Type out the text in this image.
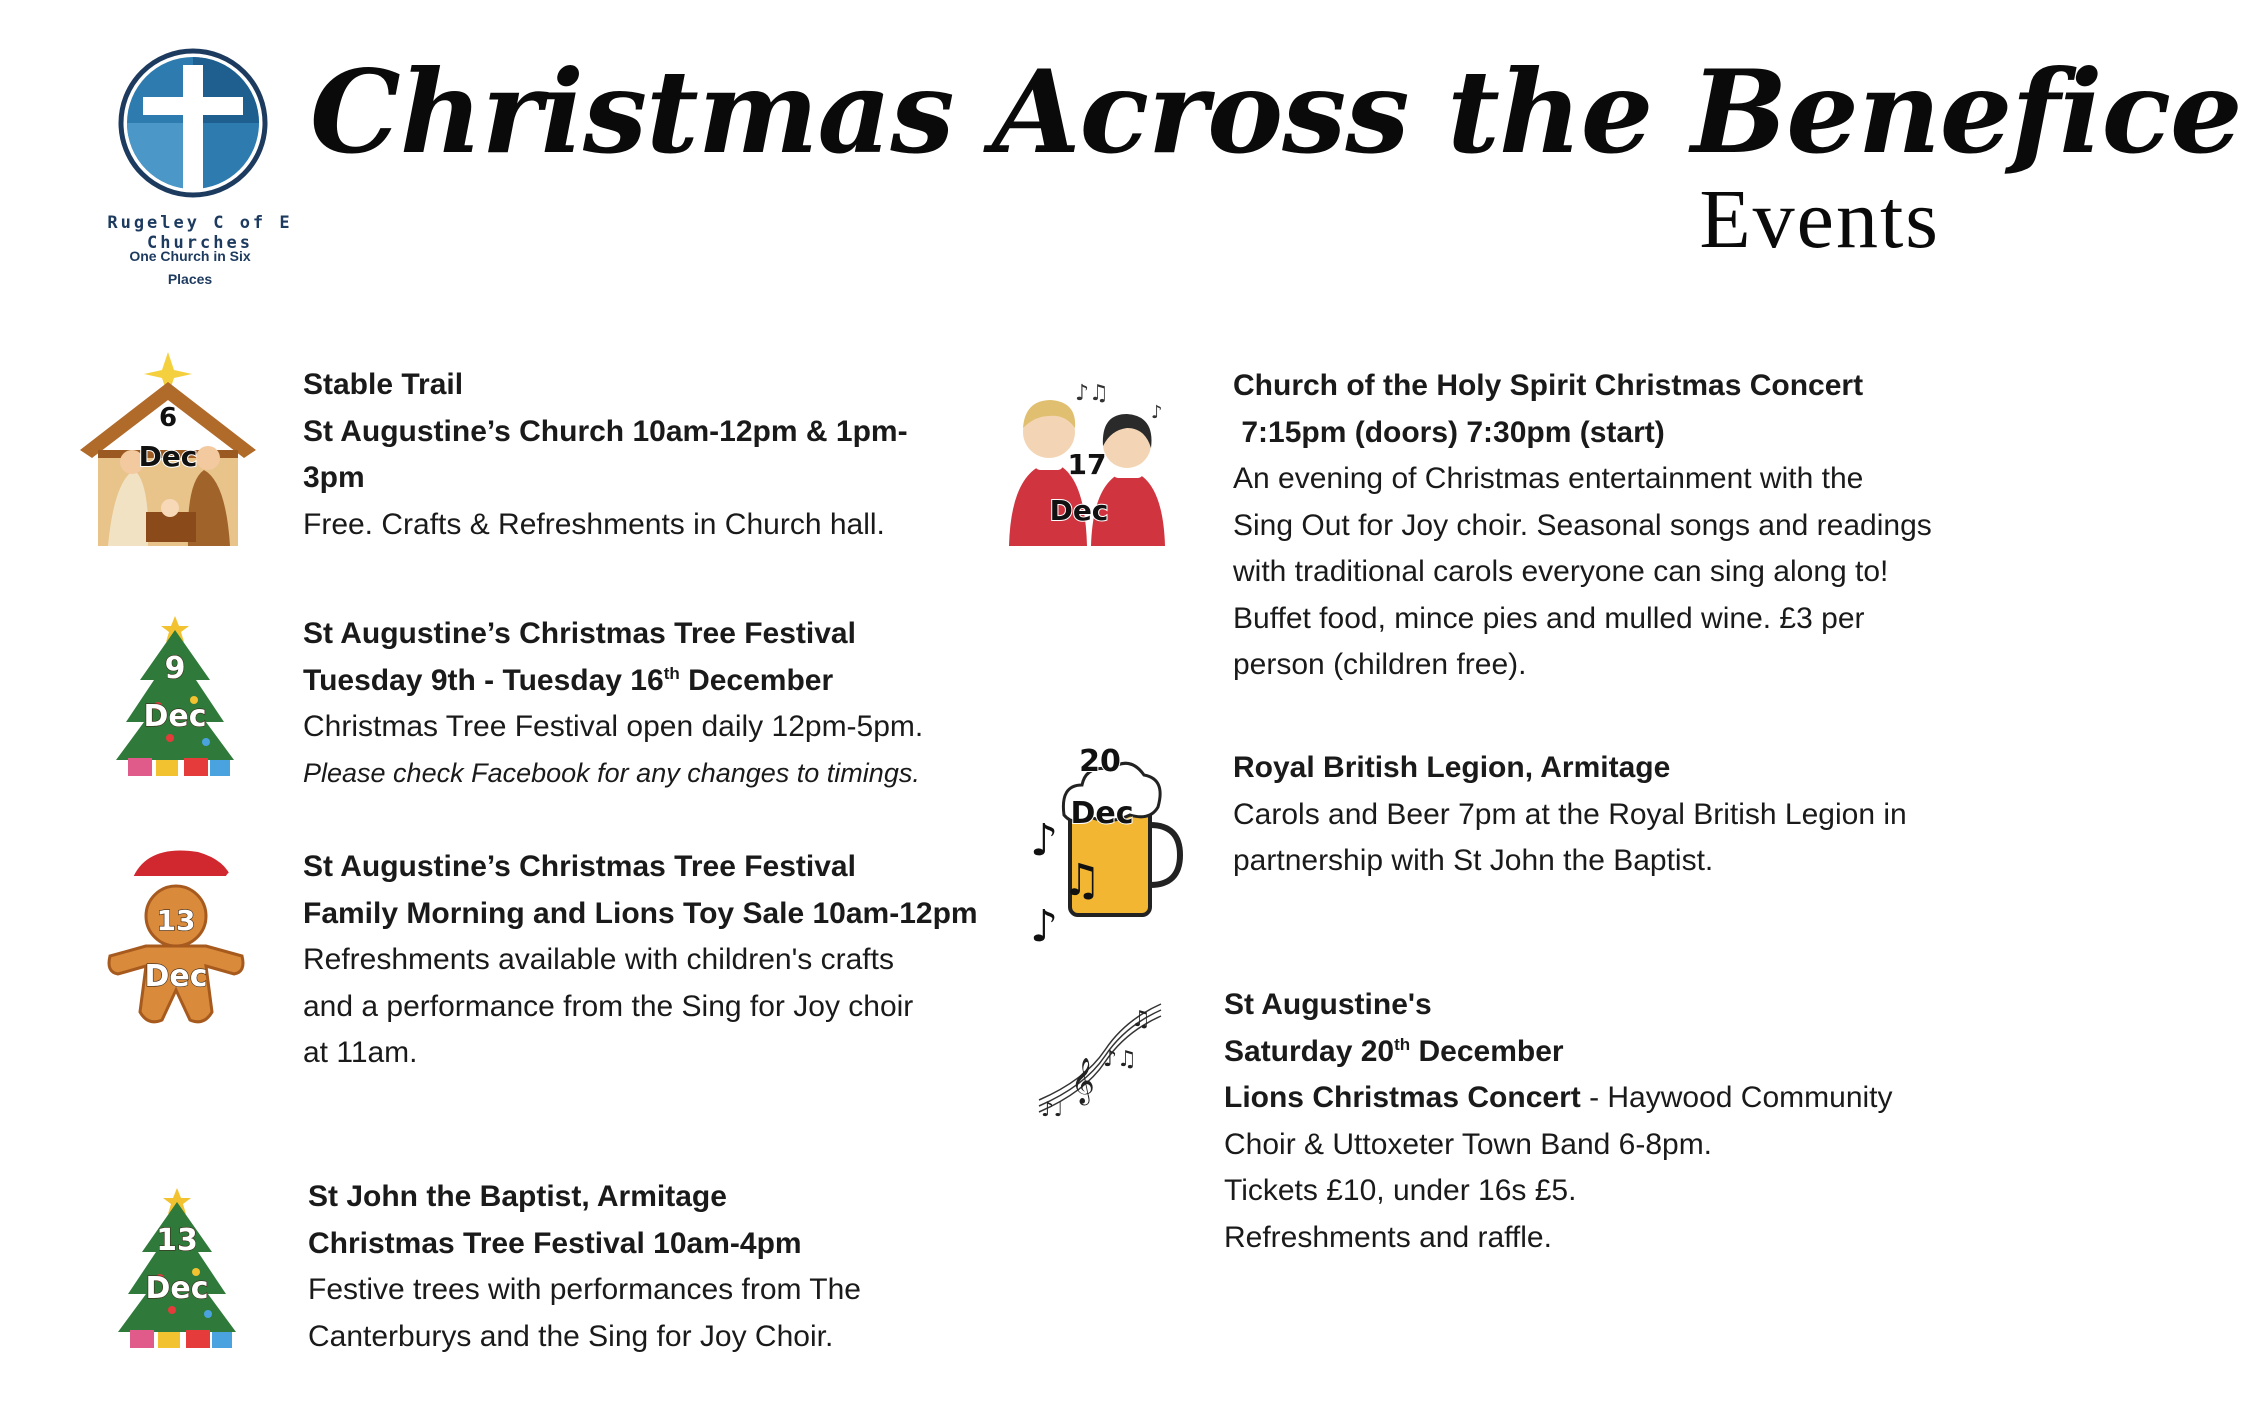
Rugeley C of E Churches
One Church in Six
Places
Christmas Across the Benefice
Events
6
Dec
9
Dec
13
Dec
13
Dec
♪♫
♪
17
Dec
♪
♫
♪
20
Dec
𝄞 ♪♫
♫
♪♩
Stable Trail
St Augustine’s Church 10am-12pm & 1pm-
3pm
Free. Crafts & Refreshments in Church hall.
St Augustine’s Christmas Tree Festival
Tuesday 9th - Tuesday 16th December
Christmas Tree Festival open daily 12pm-5pm.
Please check Facebook for any changes to timings.
St Augustine’s Christmas Tree Festival
Family Morning and Lions Toy Sale 10am-12pm
Refreshments available with children's crafts
and a performance from the Sing for Joy choir
at 11am.
St John the Baptist, Armitage
Christmas Tree Festival 10am-4pm
Festive trees with performances from The
Canterburys and the Sing for Joy Choir.
Church of the Holy Spirit Christmas Concert
7:15pm (doors) 7:30pm (start)
An evening of Christmas entertainment with the
Sing Out for Joy choir. Seasonal songs and readings
with traditional carols everyone can sing along to!
Buffet food, mince pies and mulled wine. £3 per
person (children free).
Royal British Legion, Armitage
Carols and Beer 7pm at the Royal British Legion in
partnership with St John the Baptist.
St Augustine's
Saturday 20th December
Lions Christmas Concert - Haywood Community
Choir & Uttoxeter Town Band 6-8pm.
Tickets £10, under 16s £5.
Refreshments and raffle.
